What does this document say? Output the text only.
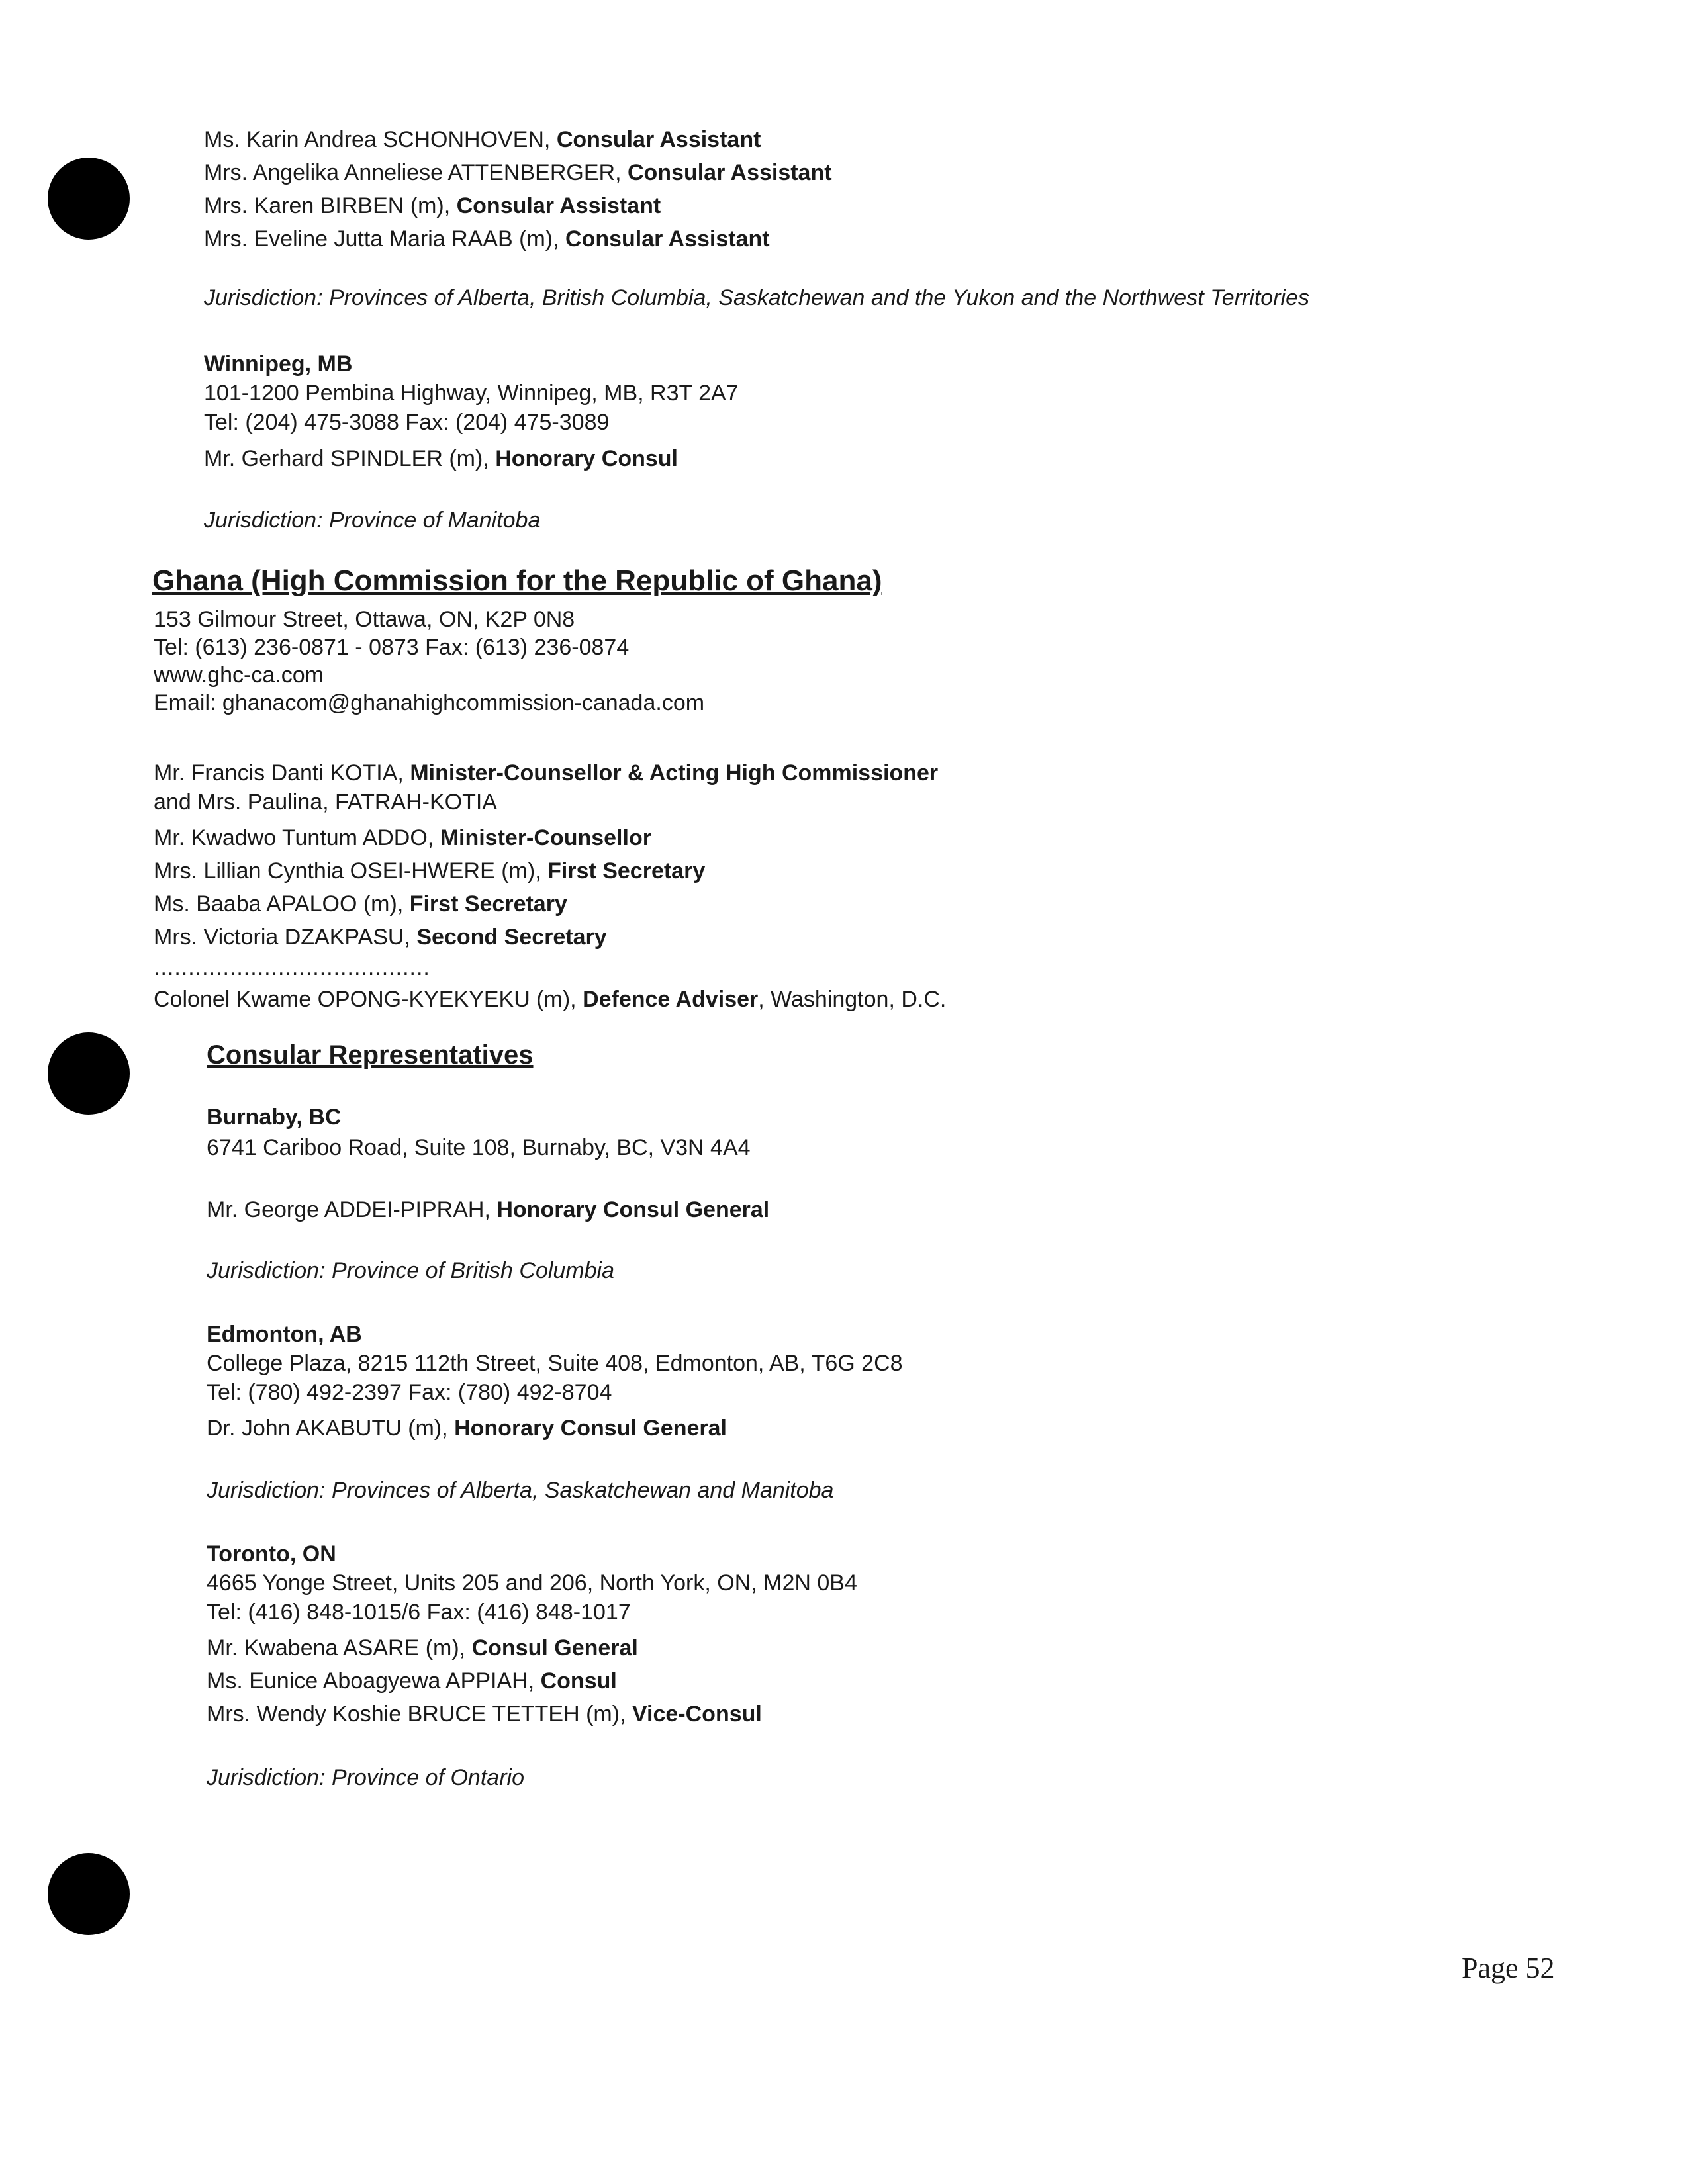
Ms. Karin Andrea SCHONHOVEN, Consular Assistant
Mrs. Angelika Anneliese ATTENBERGER, Consular Assistant
Mrs. Karen BIRBEN (m), Consular Assistant
Mrs. Eveline Jutta Maria RAAB (m), Consular Assistant
Jurisdiction: Provinces of Alberta, British Columbia, Saskatchewan and the Yukon and the Northwest Territories
Winnipeg, MB
101-1200 Pembina Highway, Winnipeg, MB, R3T 2A7
Tel: (204) 475-3088 Fax: (204) 475-3089
Mr. Gerhard SPINDLER (m), Honorary Consul
Jurisdiction: Province of Manitoba
Ghana (High Commission for the Republic of Ghana)
153 Gilmour Street, Ottawa, ON, K2P 0N8
Tel: (613) 236-0871 - 0873 Fax: (613) 236-0874
www.ghc-ca.com
Email: ghanacom@ghanahighcommission-canada.com
Mr. Francis Danti KOTIA, Minister-Counsellor & Acting High Commissioner
and Mrs. Paulina, FATRAH-KOTIA
Mr. Kwadwo Tuntum ADDO, Minister-Counsellor
Mrs. Lillian Cynthia OSEI-HWERE (m), First Secretary
Ms. Baaba APALOO (m), First Secretary
Mrs. Victoria DZAKPASU, Second Secretary
........................................
Colonel Kwame OPONG-KYEKYEKU (m), Defence Adviser, Washington, D.C.
Consular Representatives
Burnaby, BC
6741 Cariboo Road, Suite 108, Burnaby, BC, V3N 4A4
Mr. George ADDEI-PIPRAH, Honorary Consul General
Jurisdiction: Province of British Columbia
Edmonton, AB
College Plaza, 8215 112th Street, Suite 408, Edmonton, AB, T6G 2C8
Tel: (780) 492-2397 Fax: (780) 492-8704
Dr. John AKABUTU (m), Honorary Consul General
Jurisdiction: Provinces of Alberta, Saskatchewan and Manitoba
Toronto, ON
4665 Yonge Street, Units 205 and 206, North York, ON, M2N 0B4
Tel: (416) 848-1015/6 Fax: (416) 848-1017
Mr. Kwabena ASARE (m), Consul General
Ms. Eunice Aboagyewa APPIAH, Consul
Mrs. Wendy Koshie BRUCE TETTEH (m), Vice-Consul
Jurisdiction: Province of Ontario
Page 52
